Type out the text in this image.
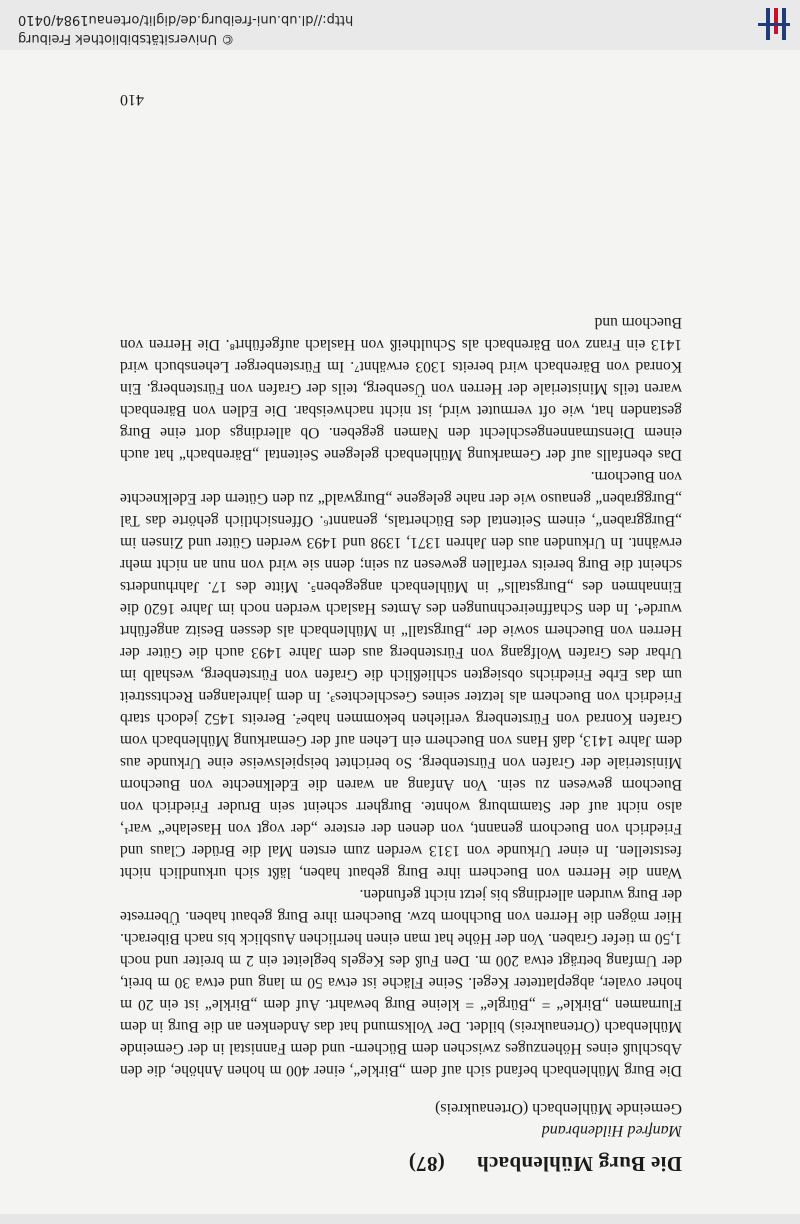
Die Burg Mühlenbach(87)

Manfred Hildenbrand

Gemeinde Mühlenbach (Ortenaukreis)

Die Burg Mühlenbach befand sich auf dem „Birkle“, einer 400 m hohen Anhöhe, die den Abschluß eines Höhenzuges zwischen dem Büchern- und dem Fannistal in der Gemeinde Mühlenbach (Ortenaukreis) bildet. Der Volksmund hat das Andenken an die Burg in dem Flurnamen „Birkle“ = „Bürgle“ = kleine Burg bewahrt. Auf dem „Birkle“ ist ein 20 m hoher ovaler, abgeplatteter Kegel. Seine Fläche ist etwa 50 m lang und etwa 30 m breit, der Umfang beträgt etwa 200 m. Den Fuß des Kegels begleitet ein 2 m breiter und noch 1,50 m tiefer Graben. Von der Höhe hat man einen herrlichen Ausblick bis nach Biberach. Hier mögen die Herren von Buchhorn bzw. Buechern ihre Burg gebaut haben. Überreste der Burg wurden allerdings bis jetzt nicht gefunden.

Wann die Herren von Buechern ihre Burg gebaut haben, läßt sich urkundlich nicht feststellen. In einer Urkunde von 1313 werden zum ersten Mal die Brüder Claus und Friedrich von Buechorn genannt, von denen der erstere „der vogt von Haselahe“ war¹, also nicht auf der Stammburg wohnte. Burgherr scheint sein Bruder Friedrich von Buechorn gewesen zu sein. Von Anfang an waren die Edelknechte von Buechorn Ministeriale der Grafen von Fürstenberg. So berichtet beispielsweise eine Urkunde aus dem Jahre 1413, daß Hans von Buechern ein Lehen auf der Gemarkung Mühlenbach vom Grafen Konrad von Fürstenberg verliehen bekommen habe². Bereits 1452 jedoch starb Friedrich von Buechern als letzter seines Geschlechtes³. In dem jahrelangen Rechtsstreit um das Erbe Friedrichs obsiegten schließlich die Grafen von Fürstenberg, weshalb im Urbar des Grafen Wolfgang von Fürstenberg aus dem Jahre 1493 auch die Güter der Herren von Buechern sowie der „Burgstall“ in Mühlenbach als dessen Besitz angeführt wurde⁴. In den Schaffneirechnungen des Amtes Haslach werden noch im Jahre 1620 die Einnahmen des „Burgstalls“ in Mühlenbach angegeben⁵. Mitte des 17. Jahrhunderts scheint die Burg bereits verfallen gewesen zu sein; denn sie wird von nun an nicht mehr erwähnt. In Urkunden aus den Jahren 1371, 1398 und 1493 werden Güter und Zinsen im „Burggraben“, einem Seitental des Büchertals, genannt⁶. Offensichtlich gehörte das Tal „Burggraben“ genauso wie der nahe gelegene „Burgwald“ zu den Gütern der Edelknechte von Buechorn.

Das ebenfalls auf der Gemarkung Mühlenbach gelegene Seitental „Bärenbach“ hat auch einem Dienstmannengeschlecht den Namen gegeben. Ob allerdings dort eine Burg gestanden hat, wie oft vermutet wird, ist nicht nachweisbar. Die Edlen von Bärenbach waren teils Ministeriale der Herren von Üsenberg, teils der Grafen von Fürstenberg. Ein Konrad von Bärenbach wird bereits 1303 erwähnt⁷. Im Fürstenberger Lehensbuch wird 1413 ein Franz von Bärenbach als Schultheiß von Haslach aufgeführt⁸. Die Herren von Buechorn und

410
© Universitätsbibliothek Freiburg
http://dl.ub.uni-freiburg.de/diglit/ortenau1984/0410
